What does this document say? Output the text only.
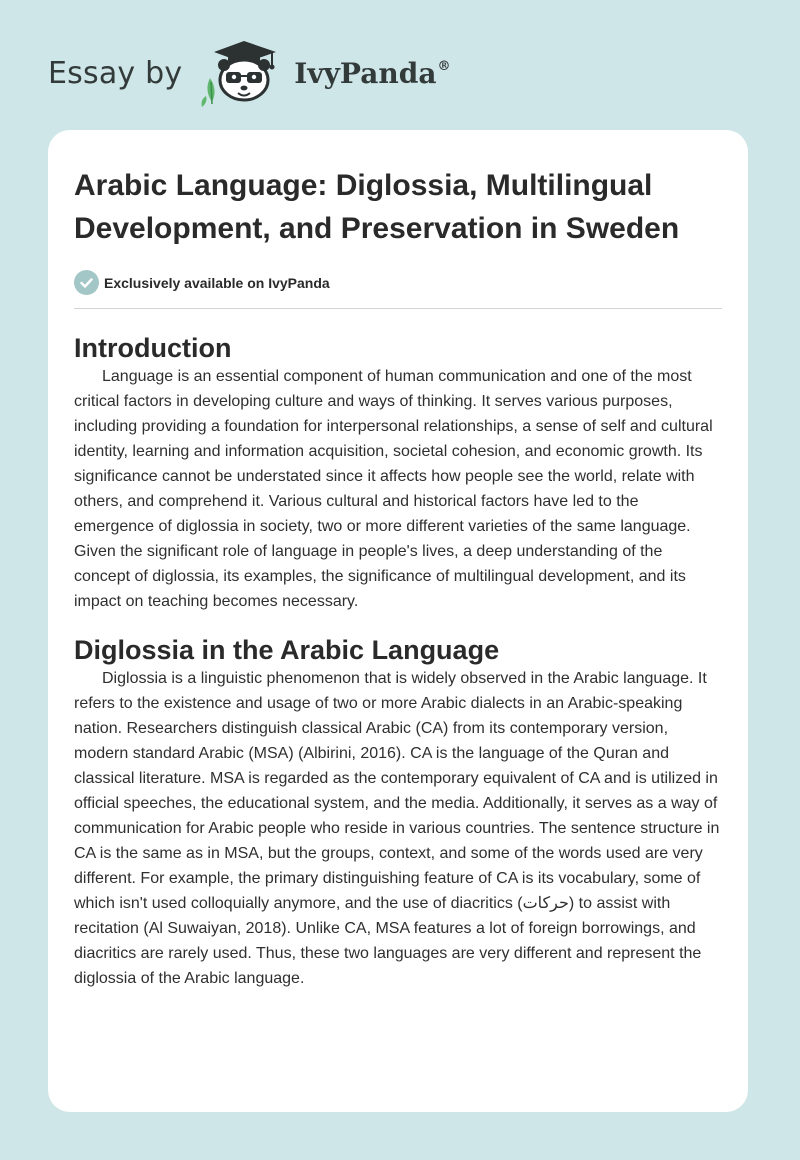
Essay by	IvyPanda®
Arabic Language: Diglossia, Multilingual Development, and Preservation in Sweden
Exclusively available on IvyPanda
Introduction

Language is an essential component of human communication and one of the most critical factors in developing culture and ways of thinking. It serves various purposes, including providing a foundation for interpersonal relationships, a sense of self and cultural identity, learning and information acquisition, societal cohesion, and economic growth. Its significance cannot be understated since it affects how people see the world, relate with others, and comprehend it. Various cultural and historical factors have led to the emergence of diglossia in society, two or more different varieties of the same language. Given the significant role of language in people's lives, a deep understanding of the concept of diglossia, its examples, the significance of multilingual development, and its impact on teaching becomes necessary.

Diglossia in the Arabic Language

Diglossia is a linguistic phenomenon that is widely observed in the Arabic language. It refers to the existence and usage of two or more Arabic dialects in an Arabic-speaking nation. Researchers distinguish classical Arabic (CA) from its contemporary version, modern standard Arabic (MSA) (Albirini, 2016). CA is the language of the Quran and classical literature. MSA is regarded as the contemporary equivalent of CA and is utilized in official speeches, the educational system, and the media. Additionally, it serves as a way of communication for Arabic people who reside in various countries. The sentence structure in CA is the same as in MSA, but the groups, context, and some of the words used are very different. For example, the primary distinguishing feature of CA is its vocabulary, some of which isn't used colloquially anymore, and the use of diacritics (حركات) to assist with recitation (Al Suwaiyan, 2018). Unlike CA, MSA features a lot of foreign borrowings, and diacritics are rarely used. Thus, these two languages are very different and represent the diglossia of the Arabic language.
